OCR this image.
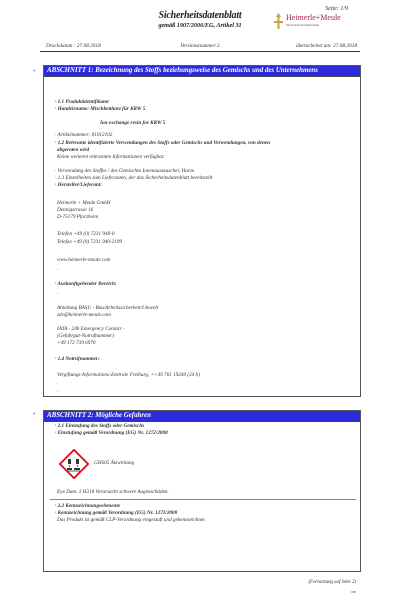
Seite: 1/9
Sicherheitsdatenblatt
gemäß 1907/2006/EG, Artikel 31
Heimerle+Meule
Die Feinheit des Edelmetalls
Druckdatum : 27.08.2018	Versionsnummer 2	überarbeitet am: 27.08.2018
*	ABSCHNITT 1: Bezeichnung des Stoffs beziehungsweise des Gemischs und des Unternehmens
· 1.1 Produktidentifikator
· Handelsname: Mischbettharz für KRW 5
Ion exchange resin for KRW 5
· Artikelnummer: 81012102
· 1.2 Relevante identifizierte Verwendungen des Stoffs oder Gemischs und Verwendungen, von denen
abgeraten wird
Keine weiteren relevanten Informationen verfügbar.
· Verwendung des Stoffes / des Gemisches Ionenaustauscher, Harze.
· 1.3 Einzelheiten zum Lieferanten, der das Sicherheitsdatenblatt bereitstellt
· Hersteller/Lieferant:
Heimerle + Meule GmbH
Dennigstrasse 16
D-75179 Pforzheim
Telefon +49 (0) 7231 940-0
Telefax +49 (0) 7231 940-2199
www.heimerle-meule.com
·
· Auskunftgebender Bereich:
·
Abteilung BASU - Bau/Arbeitssicherheit/Umwelt
sdv@heimerle-meule.com
IATA - 24h Emergency Contact -
(Gefahrgut-Notrufnummer)
+49 172 739 6970
· 1.4 Notrufnummer:
Vergiftungs-Informations-Zentrale Freiburg, ++49 761 19240 (24 h)
·
·
*	ABSCHNITT 2: Mögliche Gefahren
· 2.1 Einstufung des Stoffs oder Gemischs
· Einstufung gemäß Verordnung (EG) Nr. 1272/2008
GHS05 Ätzwirkung
Eye Dam. 1 H318 Verursacht schwere Augenschäden.
· 2.2 Kennzeichnungselemente
· Kennzeichnung gemäß Verordnung (EG) Nr. 1272/2008
Das Produkt ist gemäß CLP-Verordnung eingestuft und gekennzeichnet.
(Fortsetzung auf Seite 2)
DE
